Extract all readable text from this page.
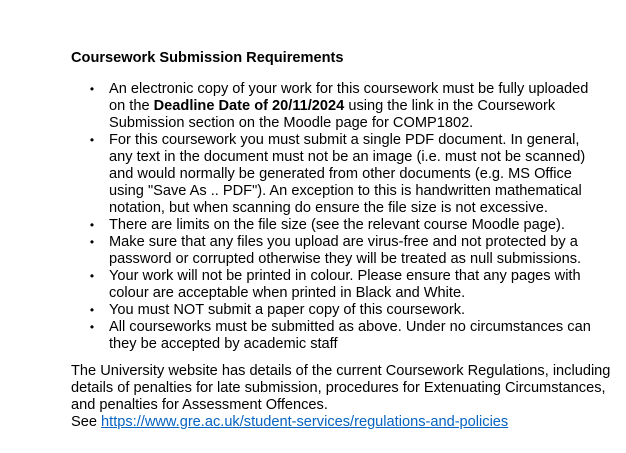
Coursework Submission Requirements
• An electronic copy of your work for this coursework must be fully uploaded on the Deadline Date of 20/11/2024 using the link in the Coursework Submission section on the Moodle page for COMP1802.
• For this coursework you must submit a single PDF document. In general, any text in the document must not be an image (i.e. must not be scanned) and would normally be generated from other documents (e.g. MS Office using "Save As .. PDF"). An exception to this is handwritten mathematical notation, but when scanning do ensure the file size is not excessive.
• There are limits on the file size (see the relevant course Moodle page).
• Make sure that any files you upload are virus-free and not protected by a password or corrupted otherwise they will be treated as null submissions.
• Your work will not be printed in colour. Please ensure that any pages with colour are acceptable when printed in Black and White.
• You must NOT submit a paper copy of this coursework.
• All courseworks must be submitted as above. Under no circumstances can they be accepted by academic staff

The University website has details of the current Coursework Regulations, including details of penalties for late submission, procedures for Extenuating Circumstances, and penalties for Assessment Offences.

See https://www.gre.ac.uk/student-services/regulations-and-policies
